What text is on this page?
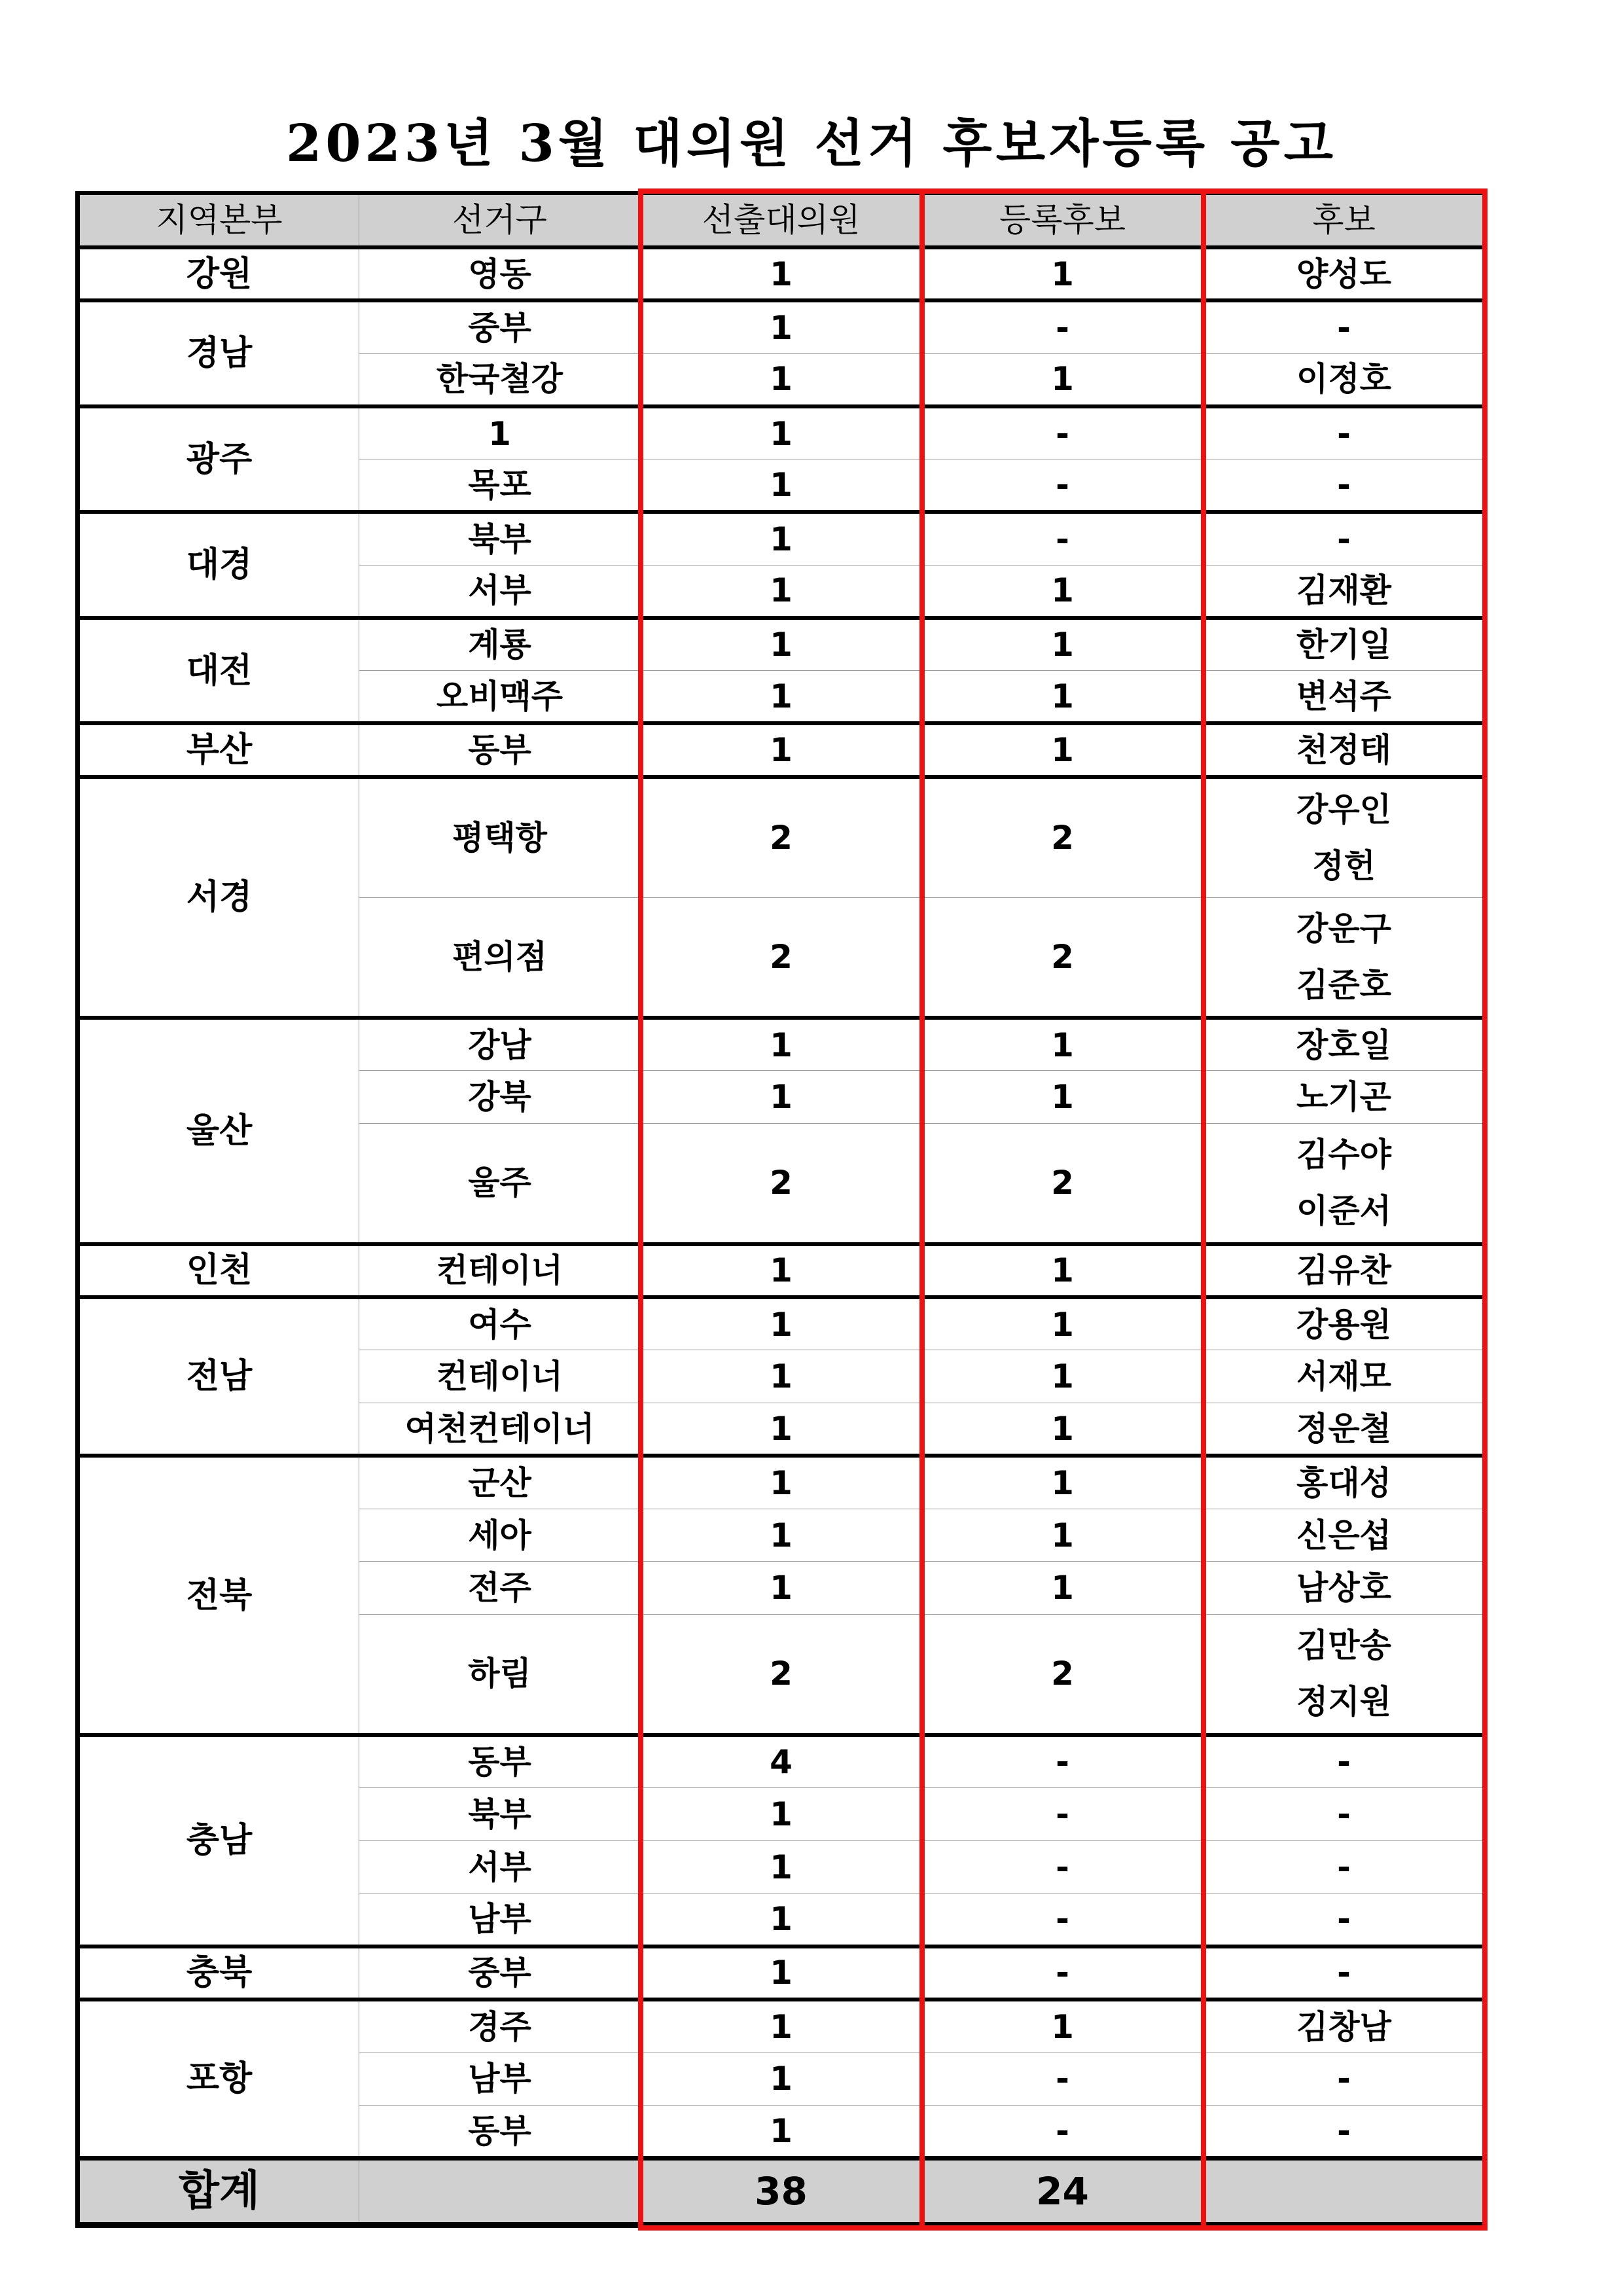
2023년 3월 대의원 선거 후보자등록 공고
지역본부	선거구	선출대의원	등록후보	후보
강원	영동	1	1	양성도

경남	중부	1	-	-

	한국철강	1	1	이정호

광주	1	1	-	-

	목포	1	-	-

대경	북부	1	-	-

	서부	1	1	김재환

대전	계룡	1	1	한기일

	오비맥주	1	1	변석주

부산	동부	1	1	천정태

서경	평택항	2	2	강우인
정헌

	편의점	2	2	강운구
김준호

울산	강남	1	1	장호일

	강북	1	1	노기곤

	울주	2	2	김수야
이준서

인천	컨테이너	1	1	김유찬

전남	여수	1	1	강용원

	컨테이너	1	1	서재모

	여천컨테이너	1	1	정운철

전북	군산	1	1	홍대성

	세아	1	1	신은섭

	전주	1	1	남상호

	하림	2	2	김만송
정지원

충남	동부	4	-	-

	북부	1	-	-

	서부	1	-	-

	남부	1	-	-

충북	중부	1	-	-

포항	경주	1	1	김창남

	남부	1	-	-

	동부	1	-	-

합계		38	24	
